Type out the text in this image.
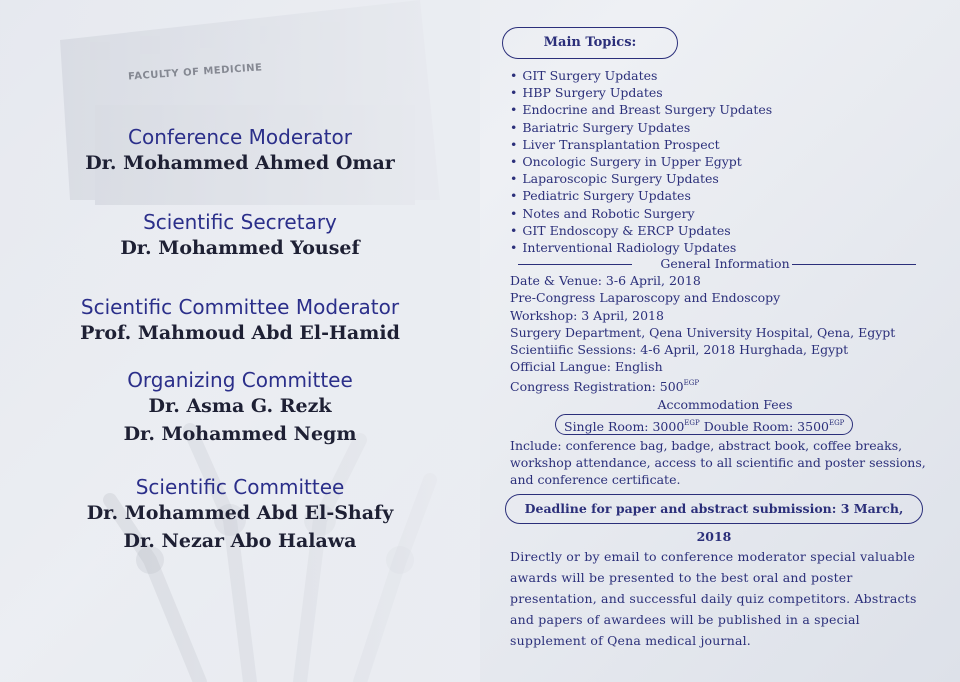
FACULTY OF MEDICINE

Conference Moderator

Dr. Mohammed Ahmed Omar

Scientific Secretary

Dr. Mohammed Yousef

Scientific Committee Moderator

Prof. Mahmoud Abd El-Hamid

Organizing Committee

Dr. Asma G. Rezk

Dr. Mohammed Negm

Scientific Committee

Dr. Mohammed Abd El-Shafy

Dr. Nezar Abo Halawa

Main Topics:
• GIT Surgery Updates
• HBP Surgery Updates
• Endocrine and Breast Surgery Updates
• Bariatric Surgery Updates
• Liver Transplantation Prospect
• Oncologic Surgery in Upper Egypt
• Laparoscopic Surgery Updates
• Pediatric Surgery Updates
• Notes and Robotic Surgery
• GIT Endoscopy & ERCP Updates
• Interventional Radiology Updates
General Information
Date & Venue: 3-6 April, 2018
Pre-Congress Laparoscopy and Endoscopy
Workshop: 3 April, 2018
Surgery Department, Qena University Hospital, Qena, Egypt
Scientiific Sessions: 4-6 April, 2018 Hurghada, Egypt
Official Langue: English
Congress Registration: $500^{EGP}$
Accommodation Fees
Single Room: $3000^{EGP}$ Double Room: $3500^{EGP}$
Include: conference bag, badge, abstract book, coffee breaks, workshop attendance, access to all scientific and poster sessions, and conference certificate.
Deadline for paper and abstract submission: 3 March, 2018
Directly or by email to conference moderator special valuable awards will be presented to the best oral and poster presentation, and successful daily quiz competitors. Abstracts and papers of awardees will be published in a special supplement of Qena medical journal.
